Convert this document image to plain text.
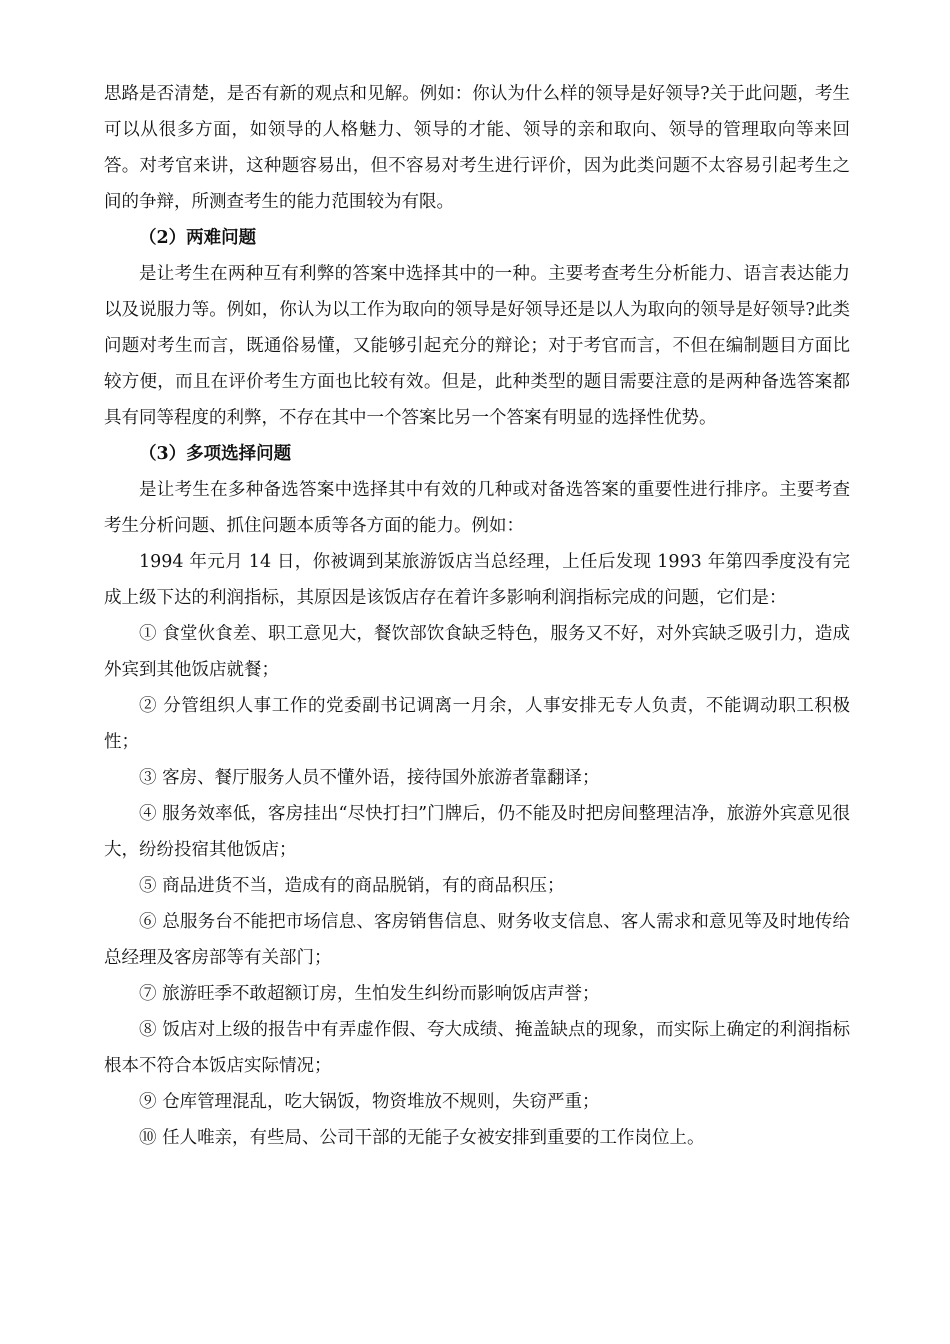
思路是否清楚，是否有新的观点和见解。例如：你认为什么样的领导是好领导?关于此问题，考生可以从很多方面，如领导的人格魅力、领导的才能、领导的亲和取向、领导的管理取向等来回答。对考官来讲，这种题容易出，但不容易对考生进行评价，因为此类问题不太容易引起考生之间的争辩，所测查考生的能力范围较为有限。

（2）两难问题

是让考生在两种互有利弊的答案中选择其中的一种。主要考查考生分析能力、语言表达能力以及说服力等。例如，你认为以工作为取向的领导是好领导还是以人为取向的领导是好领导?此类问题对考生而言，既通俗易懂，又能够引起充分的辩论；对于考官而言，不但在编制题目方面比较方便，而且在评价考生方面也比较有效。但是，此种类型的题目需要注意的是两种备选答案都具有同等程度的利弊，不存在其中一个答案比另一个答案有明显的选择性优势。

（3）多项选择问题

是让考生在多种备选答案中选择其中有效的几种或对备选答案的重要性进行排序。主要考查考生分析问题、抓住问题本质等各方面的能力。例如：

1994 年元月 14 日，你被调到某旅游饭店当总经理，上任后发现 1993 年第四季度没有完成上级下达的利润指标，其原因是该饭店存在着许多影响利润指标完成的问题，它们是：

① 食堂伙食差、职工意见大，餐饮部饮食缺乏特色，服务又不好，对外宾缺乏吸引力，造成外宾到其他饭店就餐；

② 分管组织人事工作的党委副书记调离一月余，人事安排无专人负责，不能调动职工积极性；

③ 客房、餐厅服务人员不懂外语，接待国外旅游者靠翻译；

④ 服务效率低，客房挂出“尽快打扫”门牌后，仍不能及时把房间整理洁净，旅游外宾意见很大，纷纷投宿其他饭店；

⑤ 商品进货不当，造成有的商品脱销，有的商品积压；

⑥ 总服务台不能把市场信息、客房销售信息、财务收支信息、客人需求和意见等及时地传给总经理及客房部等有关部门；

⑦ 旅游旺季不敢超额订房，生怕发生纠纷而影响饭店声誉；

⑧ 饭店对上级的报告中有弄虚作假、夸大成绩、掩盖缺点的现象，而实际上确定的利润指标根本不符合本饭店实际情况；

⑨ 仓库管理混乱，吃大锅饭，物资堆放不规则，失窃严重；

⑩ 任人唯亲，有些局、公司干部的无能子女被安排到重要的工作岗位上。
